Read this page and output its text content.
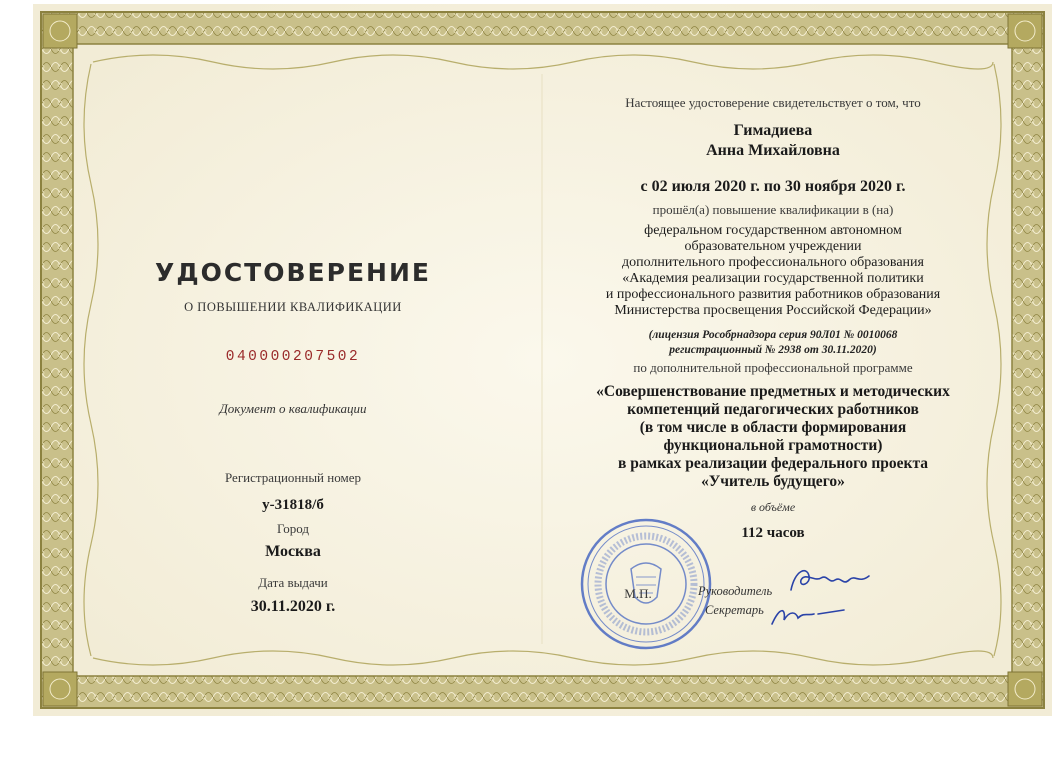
УДОСТОВЕРЕНИЕ
О ПОВЫШЕНИИ КВАЛИФИКАЦИИ
040000207502
Документ о квалификации
Регистрационный номер
у-31818/б
Город
Москва
Дата выдачи
30.11.2020 г.
Настоящее удостоверение свидетельствует о том, что
Гимадиева
Анна Михайловна
с 02 июля 2020 г. по 30 ноября 2020 г.
прошёл(а) повышение квалификации в (на)
федеральном государственном автономном
образовательном учреждении
дополнительного профессионального образования
«Академия реализации государственной политики
и профессионального развития работников образования
Министерства просвещения Российской Федерации»
(лицензия Рособрнадзора серия 90Л01 № 0010068
регистрационный № 2938 от 30.11.2020)
по дополнительной профессиональной программе
«Совершенствование предметных и методических
компетенций педагогических работников
(в том числе в области формирования
функциональной грамотности)
в рамках реализации федерального проекта
«Учитель будущего»
в объёме
112 часов
М.П.	Руководитель
Секретарь
